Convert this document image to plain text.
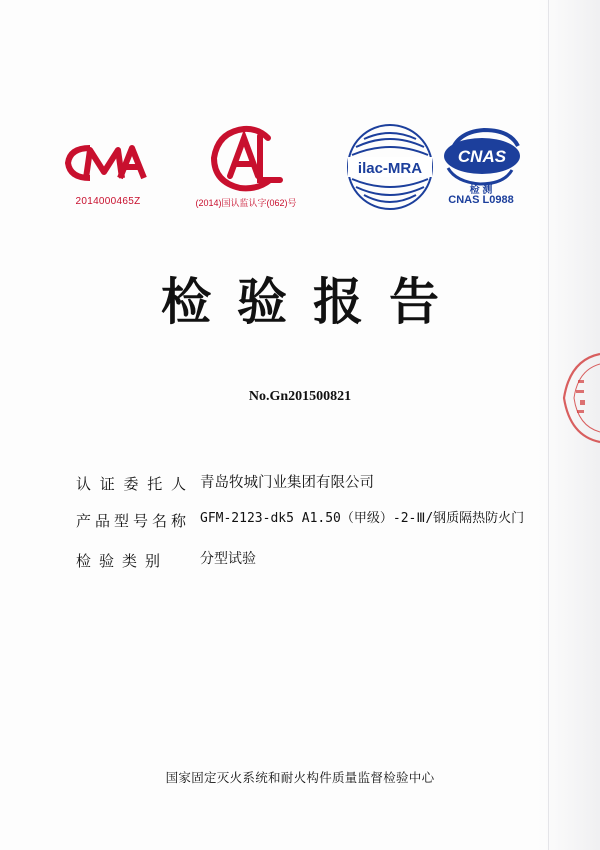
2014000465Z	(2014)国认监认字(062)号
ilac-MRA
CNAS
检 测
CNAS L0988
检验报告
No.Gn201500821
认证委托人 青岛牧城门业集团有限公司
产品型号名称 GFM-2123-dk5 A1.50（甲级）-2-Ⅲ/钢质隔热防火门
检验类别	分型试验
国家固定灭火系统和耐火构件质量监督检验中心
